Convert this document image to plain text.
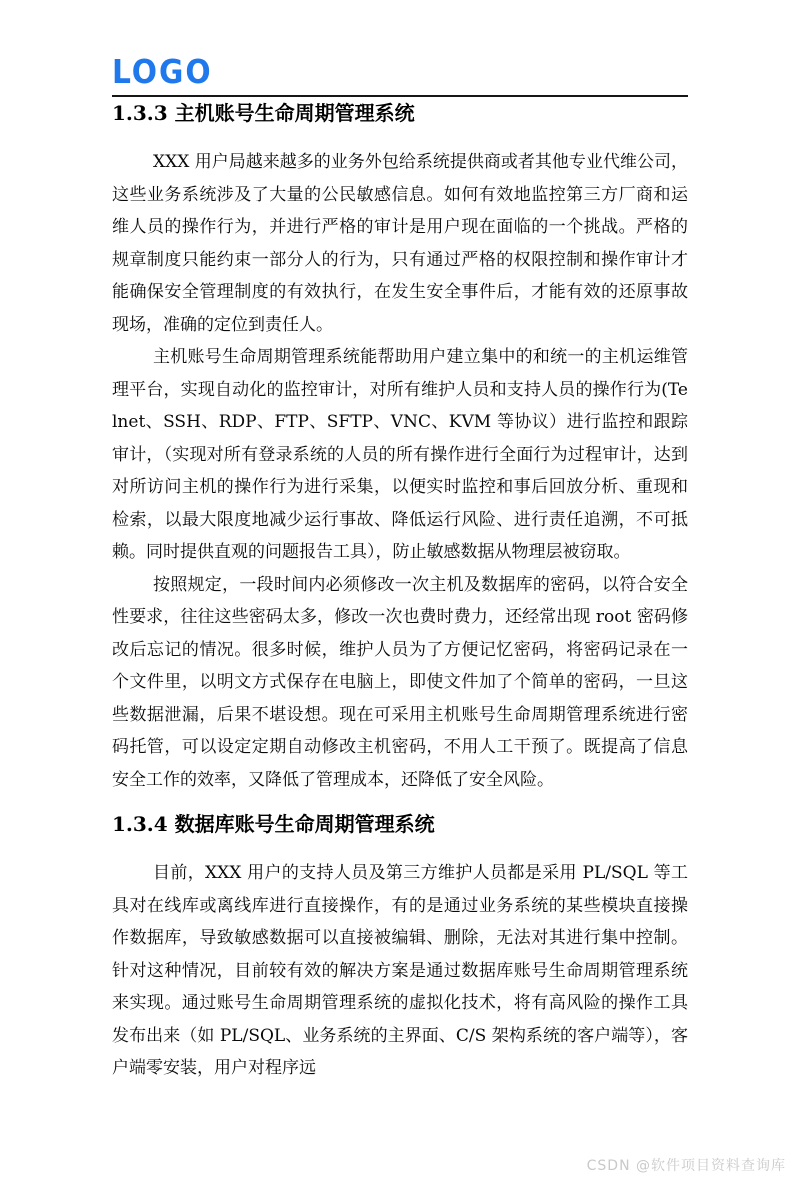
LOGO
1.3.3 主机账号生命周期管理系统

XXX 用户局越来越多的业务外包给系统提供商或者其他专业代维公司，这些业务系统涉及了大量的公民敏感信息。如何有效地监控第三方厂商和运维人员的操作行为，并进行严格的审计是用户现在面临的一个挑战。严格的规章制度只能约束一部分人的行为，只有通过严格的权限控制和操作审计才能确保安全管理制度的有效执行，在发生安全事件后，才能有效的还原事故现场，准确的定位到责任人。

主机账号生命周期管理系统能帮助用户建立集中的和统一的主机运维管理平台，实现自动化的监控审计，对所有维护人员和支持人员的操作行为(Telnet、SSH、RDP、FTP、SFTP、VNC、KVM 等协议）进行监控和跟踪审计，（实现对所有登录系统的人员的所有操作进行全面行为过程审计，达到对所访问主机的操作行为进行采集，以便实时监控和事后回放分析、重现和检索，以最大限度地减少运行事故、降低运行风险、进行责任追溯，不可抵赖。同时提供直观的问题报告工具），防止敏感数据从物理层被窃取。

按照规定，一段时间内必须修改一次主机及数据库的密码，以符合安全性要求，往往这些密码太多，修改一次也费时费力，还经常出现 root 密码修改后忘记的情况。很多时候，维护人员为了方便记忆密码，将密码记录在一个文件里，以明文方式保存在电脑上，即使文件加了个简单的密码，一旦这些数据泄漏，后果不堪设想。现在可采用主机账号生命周期管理系统进行密码托管，可以设定定期自动修改主机密码，不用人工干预了。既提高了信息安全工作的效率，又降低了管理成本，还降低了安全风险。

1.3.4 数据库账号生命周期管理系统

目前，XXX 用户的支持人员及第三方维护人员都是采用 PL/SQL 等工具对在线库或离线库进行直接操作，有的是通过业务系统的某些模块直接操作数据库，导致敏感数据可以直接被编辑、删除，无法对其进行集中控制。针对这种情况，目前较有效的解决方案是通过数据库账号生命周期管理系统来实现。通过账号生命周期管理系统的虚拟化技术，将有高风险的操作工具发布出来（如 PL/SQL、业务系统的主界面、C/S 架构系统的客户端等），客户端零安装，用户对程序远

CSDN @软件项目资料查询库
